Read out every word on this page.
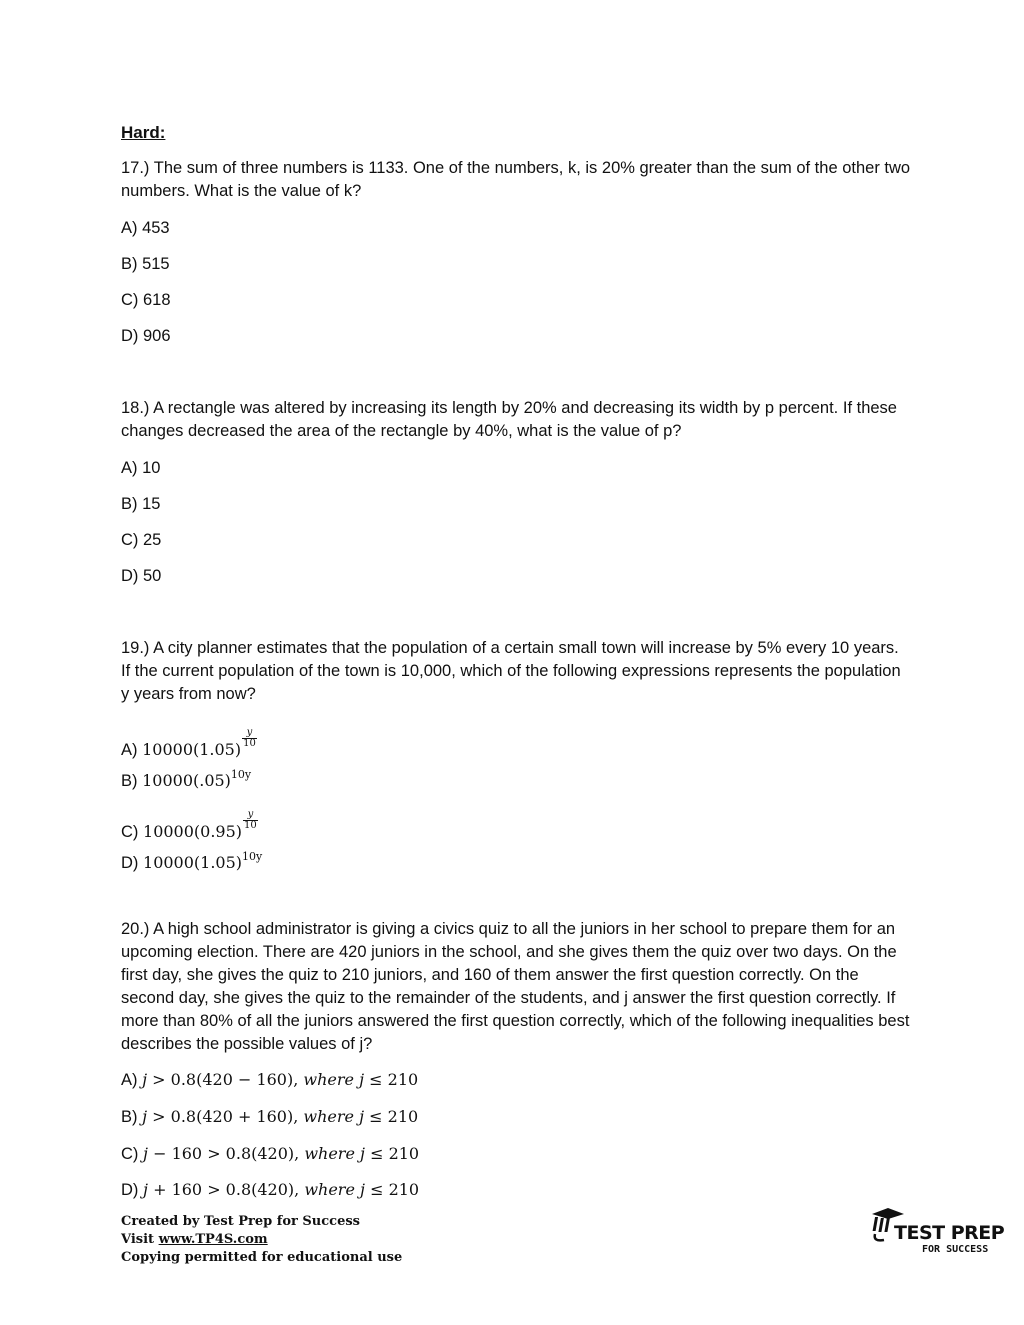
Hard:
17.) The sum of three numbers is 1133. One of the numbers, k, is 20% greater than the sum of the other two numbers. What is the value of k?
A) 453
B) 515
C) 618
D) 906
18.) A rectangle was altered by increasing its length by 20% and decreasing its width by p percent. If these changes decreased the area of the rectangle by 40%, what is the value of p?
A) 10
B) 15
C) 25
D) 50
19.) A city planner estimates that the population of a certain small town will increase by 5% every 10 years. If the current population of the town is 10,000, which of the following expressions represents the population y years from now?
A) 10000(1.05)
$\frac{y}{10}$
B) $10000(.05)^{10y}$
C) 10000(0.95)
$\frac{y}{10}$
D) $10000(1.05)^{10y}$
20.) A high school administrator is giving a civics quiz to all the juniors in her school to prepare them for an upcoming election. There are 420 juniors in the school, and she gives them the quiz over two days. On the first day, she gives the quiz to 210 juniors, and 160 of them answer the first question correctly. On the second day, she gives the quiz to the remainder of the students, and j answer the first question correctly. If more than 80% of all the juniors answered the first question correctly, which of the following inequalities best describes the possible values of j?
A) j > 0.8(420 − 160), where j ≤ 210
B) j > 0.8(420 + 160), where j ≤ 210
C) j − 160 > 0.8(420), where j ≤ 210
D) j + 160 > 0.8(420), where j ≤ 210
Created by Test Prep for Success
Visit www.TP4S.com
Copying permitted for educational use
TEST PREP
FOR SUCCESS
